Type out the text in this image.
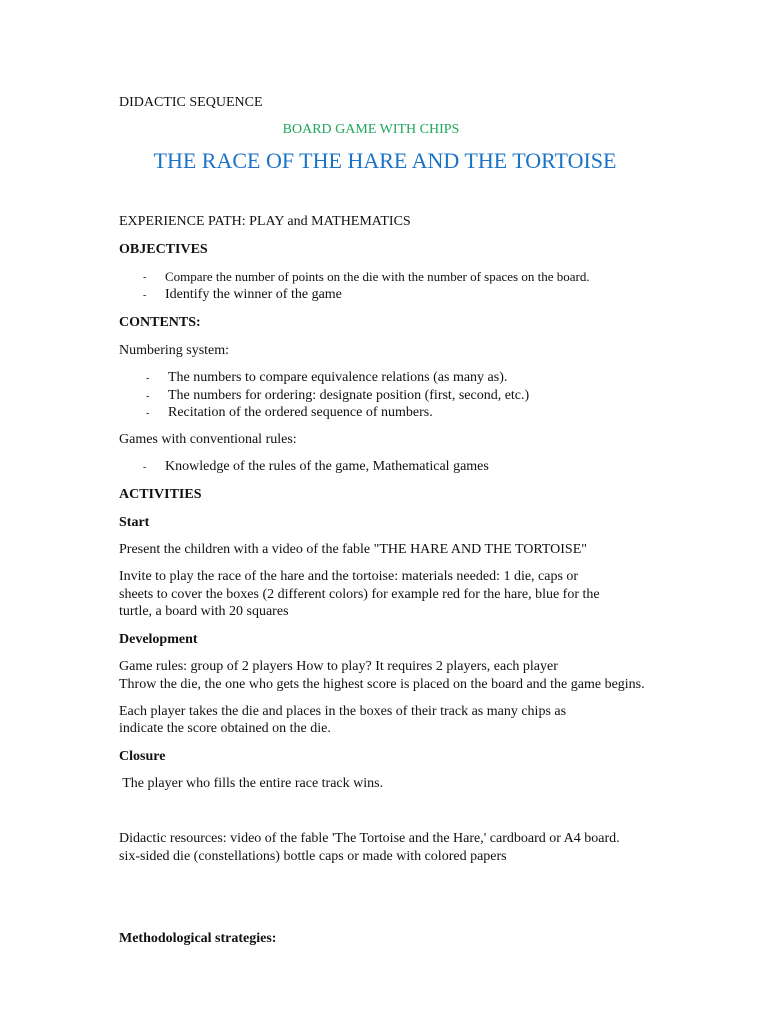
DIDACTIC SEQUENCE
BOARD GAME WITH CHIPS
THE RACE OF THE HARE AND THE TORTOISE
EXPERIENCE PATH: PLAY and MATHEMATICS
OBJECTIVES
- Compare the number of points on the die with the number of spaces on the board.
- Identify the winner of the game
CONTENTS:
Numbering system:
- The numbers to compare equivalence relations (as many as).
- The numbers for ordering: designate position (first, second, etc.)
- Recitation of the ordered sequence of numbers.
Games with conventional rules:
- Knowledge of the rules of the game, Mathematical games
ACTIVITIES
Start
Present the children with a video of the fable "THE HARE AND THE TORTOISE"
Invite to play the race of the hare and the tortoise: materials needed: 1 die, caps or
sheets to cover the boxes (2 different colors) for example red for the hare, blue for the
turtle, a board with 20 squares
Development
Game rules: group of 2 players How to play? It requires 2 players, each player
Throw the die, the one who gets the highest score is placed on the board and the game begins.
Each player takes the die and places in the boxes of their track as many chips as
indicate the score obtained on the die.
Closure
The player who fills the entire race track wins.
Didactic resources: video of the fable 'The Tortoise and the Hare,' cardboard or A4 board.
six-sided die (constellations) bottle caps or made with colored papers
Methodological strategies:
